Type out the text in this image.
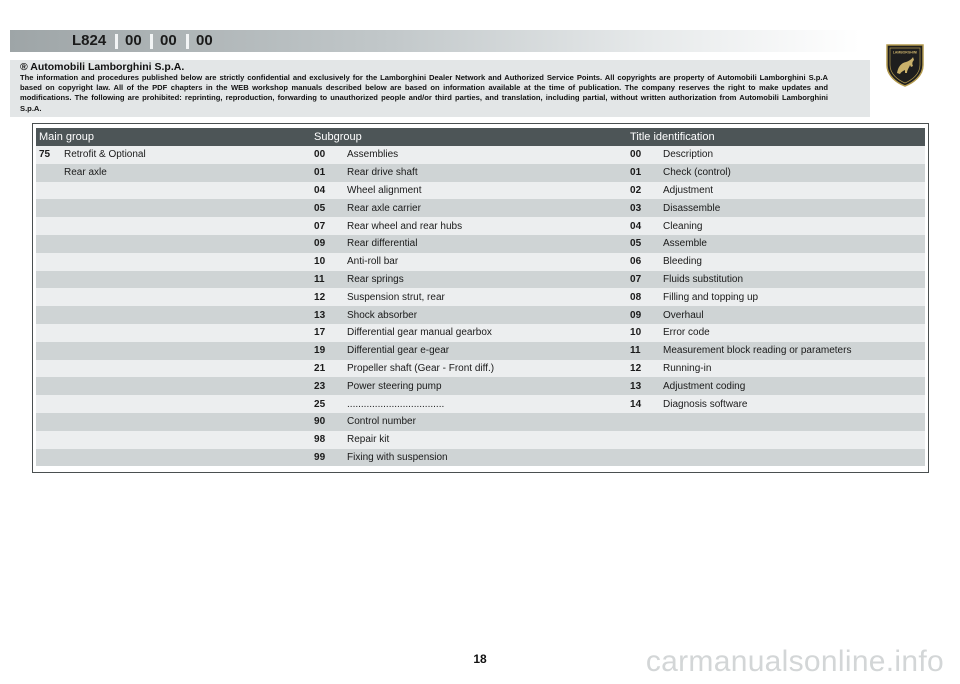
L824 00 00 00
® Automobili Lamborghini S.p.A.
The information and procedures published below are strictly confidential and exclusively for the Lamborghini Dealer Network and Authorized Service Points. All copyrights are property of Automobili Lamborghini S.p.A based on copyright law. All of the PDF chapters in the WEB workshop manuals described below are based on information available at the time of publication. The company reserves the right to make updates and modifications. The following are prohibited: reprinting, reproduction, forwarding to unauthorized people and/or third parties, and translation, including partial, without written authorization from Automobili Lamborghini S.p.A.
LAMBORGHINI
Main group		Subgroup		Title identification	
75	Retrofit & Optional	00	Assemblies	00	Description
	Rear axle	01	Rear drive shaft	01	Check (control)
		04	Wheel alignment	02	Adjustment
		05	Rear axle carrier	03	Disassemble
		07	Rear wheel and rear hubs	04	Cleaning
		09	Rear differential	05	Assemble
		10	Anti-roll bar	06	Bleeding
		11	Rear springs	07	Fluids substitution
		12	Suspension strut, rear	08	Filling and topping up
		13	Shock absorber	09	Overhaul
		17	Differential gear manual gearbox	10	Error code
		19	Differential gear e-gear	11	Measurement block reading or parameters
		21	Propeller shaft (Gear - Front diff.)	12	Running-in
		23	Power steering pump	13	Adjustment coding
		25	...................................	14	Diagnosis software
		90	Control number		
		98	Repair kit		
		99	Fixing with suspension		
18	carmanualsonline.info
